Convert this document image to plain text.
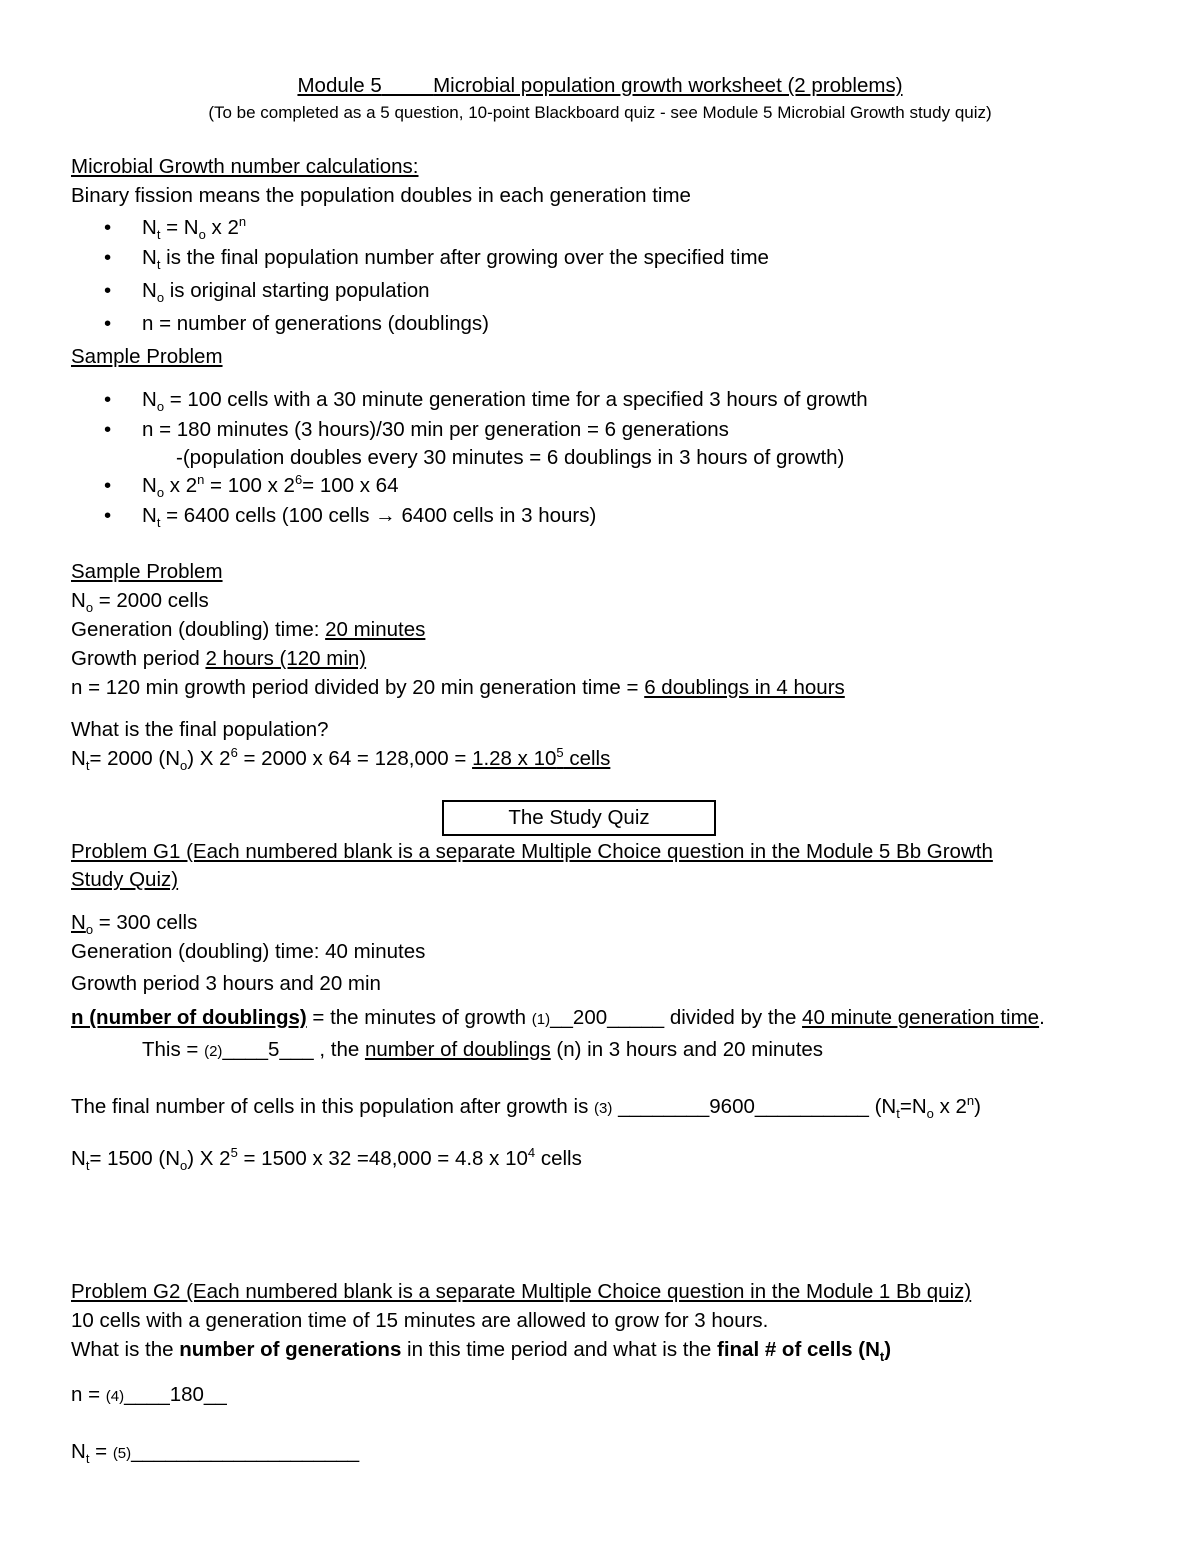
Module 5	Microbial population growth worksheet (2 problems)
(To be completed as a 5 question, 10-point Blackboard quiz - see Module 5 Microbial Growth study quiz)
Microbial Growth number calculations:
Binary fission means the population doubles in each generation time
• $N_t = N_o$ x 2$^n$
• $N_t$ is the final population number after growing over the specified time
• $N_o$ is original starting population
• n = number of generations (doublings)
Sample Problem
• $N_o = 100$ cells with a 30 minute generation time for a specified 3 hours of growth
• n = 180 minutes (3 hours)/30 min per generation = 6 generations
-(population doubles every 30 minutes = 6 doublings in 3 hours of growth)
• $N_o$ x $2^n = 100$ x $2^6= 100$ x 64
• $N_t = 6400$ cells (100 cells → 6400 cells in 3 hours)
Sample Problem
$N_o = 2000$ cells
Generation (doubling) time: 20 minutes
Growth period 2 hours (120 min)
n = 120 min growth period divided by 20 min generation time = 6 doublings in 4 hours
What is the final population?
$N_t= 2000$ $(N_o)$ X $2^6 = 2000$ x 64 = 128,000 = 1.28 x $10^5$ cells
The Study Quiz
Problem G1 (Each numbered blank is a separate Multiple Choice question in the Module 5 Bb Growth
Study Quiz)
$N_o = 300$ cells
Generation (doubling) time: 40 minutes
Growth period 3 hours and 20 min
n (number of doublings) = the minutes of growth (1)__200_____ divided by the 40 minute generation time.
This = (2)____5___ , the number of doublings (n) in 3 hours and 20 minutes
The final number of cells in this population after growth is (3) ________9600__________ ($N_t=N_o$ x 2$^n$)
$N_t= 1500$ $(N_o)$ X $2^5 = 1500$ x 32 =48,000 = 4.8 x $10^4$ cells
Problem G2 (Each numbered blank is a separate Multiple Choice question in the Module 1 Bb quiz)
10 cells with a generation time of 15 minutes are allowed to grow for 3 hours.
What is the number of generations in this time period and what is the final # of cells $(N_t)$
n = (4)____180__
$N_t$ = (5)____________________
